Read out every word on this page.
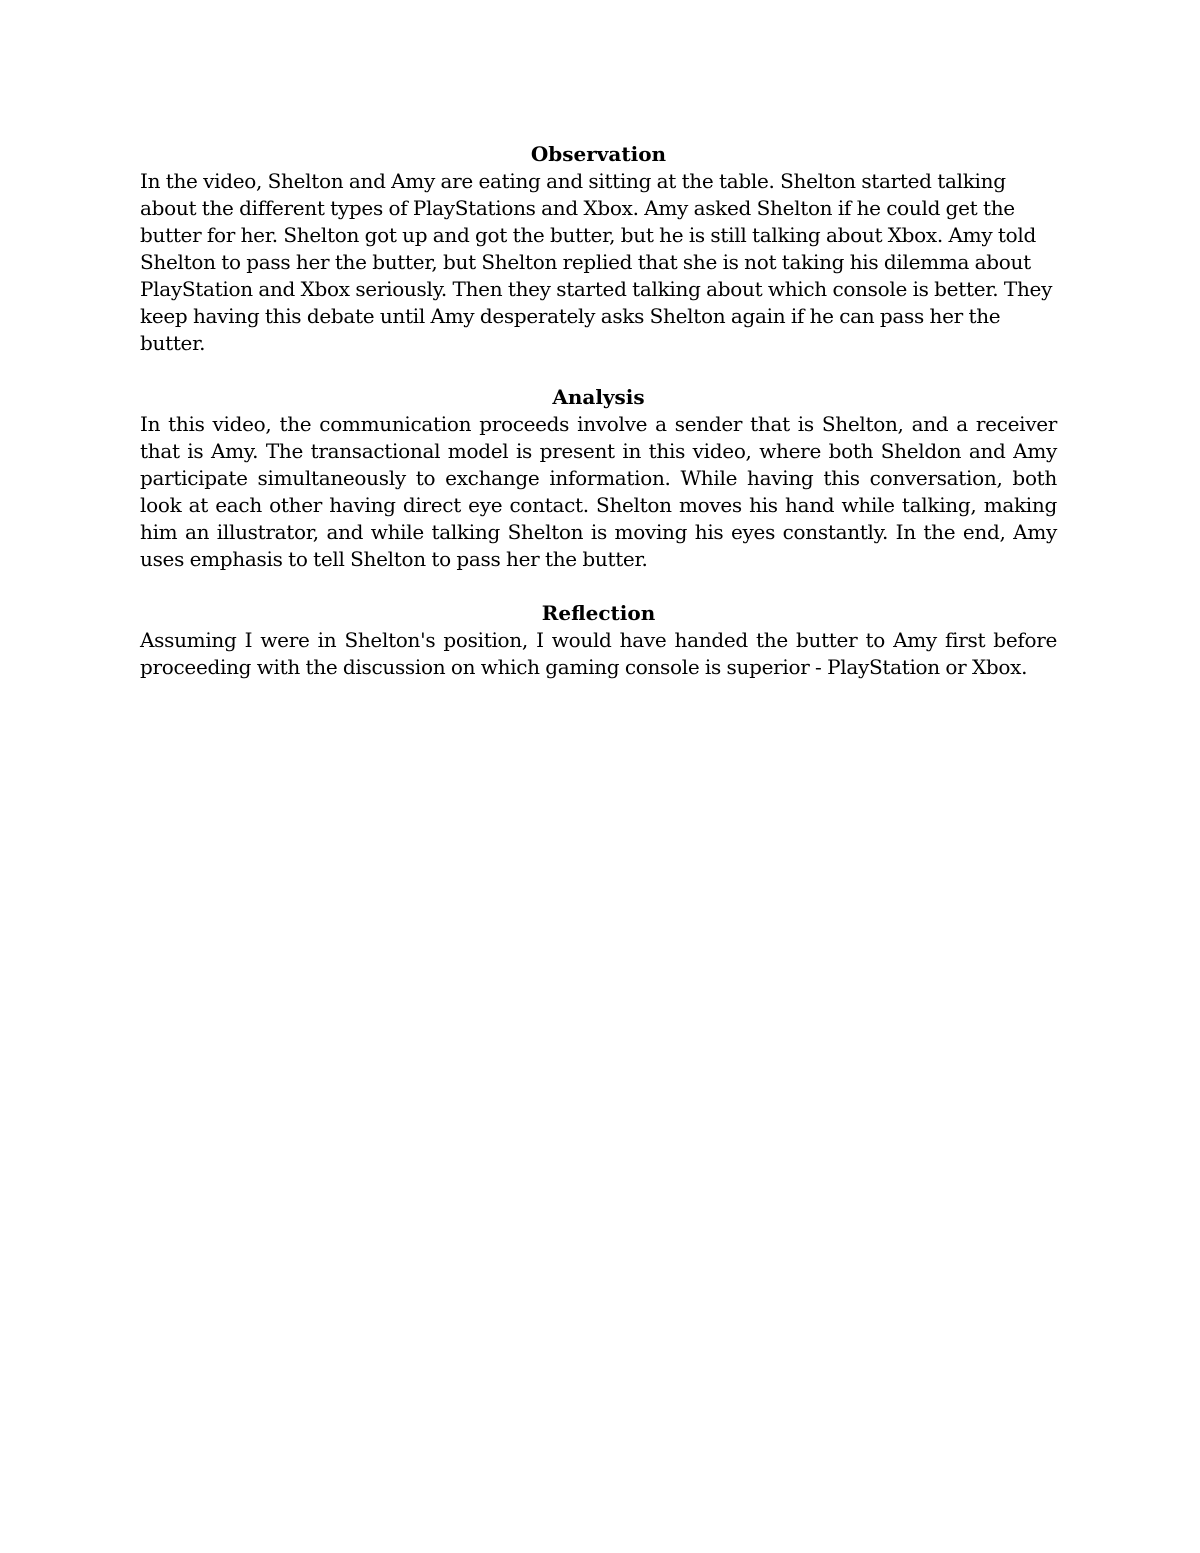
Observation

In the video, Shelton and Amy are eating and sitting at the table. Shelton started talking about the different types of PlayStations and Xbox. Amy asked Shelton if he could get the butter for her. Shelton got up and got the butter, but he is still talking about Xbox. Amy told Shelton to pass her the butter, but Shelton replied that she is not taking his dilemma about PlayStation and Xbox seriously. Then they started talking about which console is better. They keep having this debate until Amy desperately asks Shelton again if he can pass her the butter.

Analysis

In this video, the communication proceeds involve a sender that is Shelton, and a receiver that is Amy. The transactional model is present in this video, where both Sheldon and Amy participate simultaneously to exchange information. While having this conversation, both look at each other having direct eye contact. Shelton moves his hand while talking, making him an illustrator, and while talking Shelton is moving his eyes constantly. In the end, Amy uses emphasis to tell Shelton to pass her the butter.

Reflection

Assuming I were in Shelton's position, I would have handed the butter to Amy first before proceeding with the discussion on which gaming console is superior - PlayStation or Xbox.
